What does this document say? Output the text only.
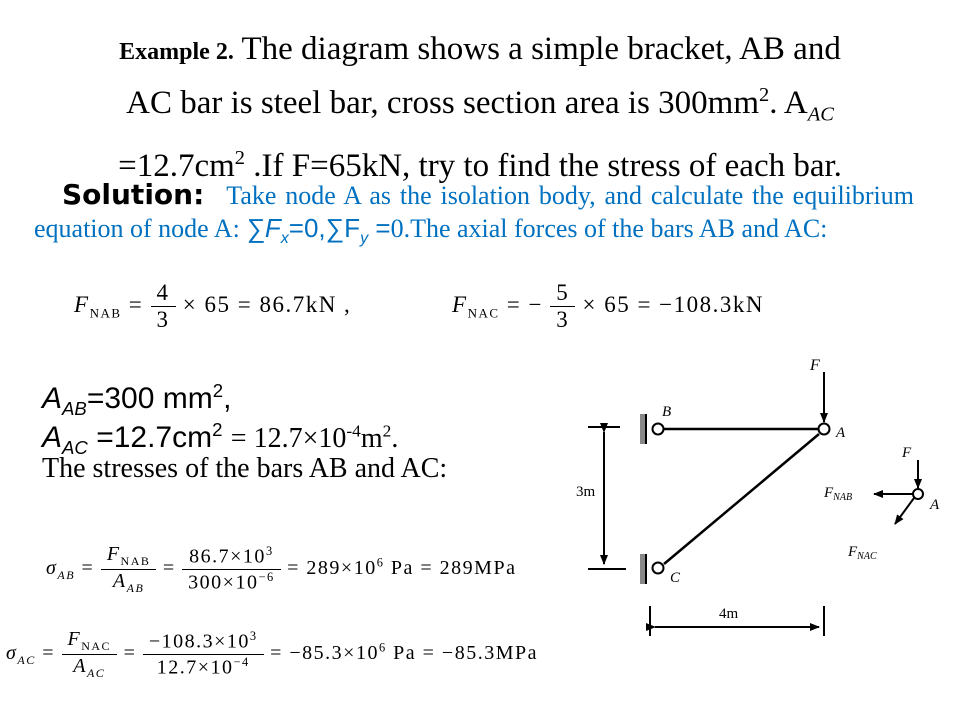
Example 2. The diagram shows a simple bracket, AB and
AC bar is steel bar, cross section area is $300mm^2$. $A_{AC}$
$=12.7cm^2$ .If F=65kN, try to find the stress of each bar.
Solution: Take node A as the isolation body, and calculate the equilibrium equation of node A: $\sum F_x=0,\sum F_y =0.The$ axial forces of the bars AB and AC:
$F_{NAB} = \frac{4}{3} \times 65 = 86.7kN$ ,	$F_{NAC}$ = − $\frac{5}{3} \times 65 = -108.3kN$
$A_{AB}=300$ $mm^2$,
$A_{AC} =12.7cm^2 = 12.7\times 10^{-4}m^2$.
The stresses of the bars AB and AC:
$\sigma_{AB} = \frac{F_{NAB}}{A_{AB}} = \frac{86.7\times 10^3}{300\times 10^{-6}} = 289\times 10^6$ Pa = 289MPa
$\sigma_{AC} = \frac{F_{NAC}}{A_{AC}} = \frac{-108.3\times 10^3}{12.7\times 10^{-4}} = -85.3\times 10^6$ Pa = −85.3MPa
F
B
A
C
3m
4m
F
$F_{NAB}$	A
$F_{NAC}$
